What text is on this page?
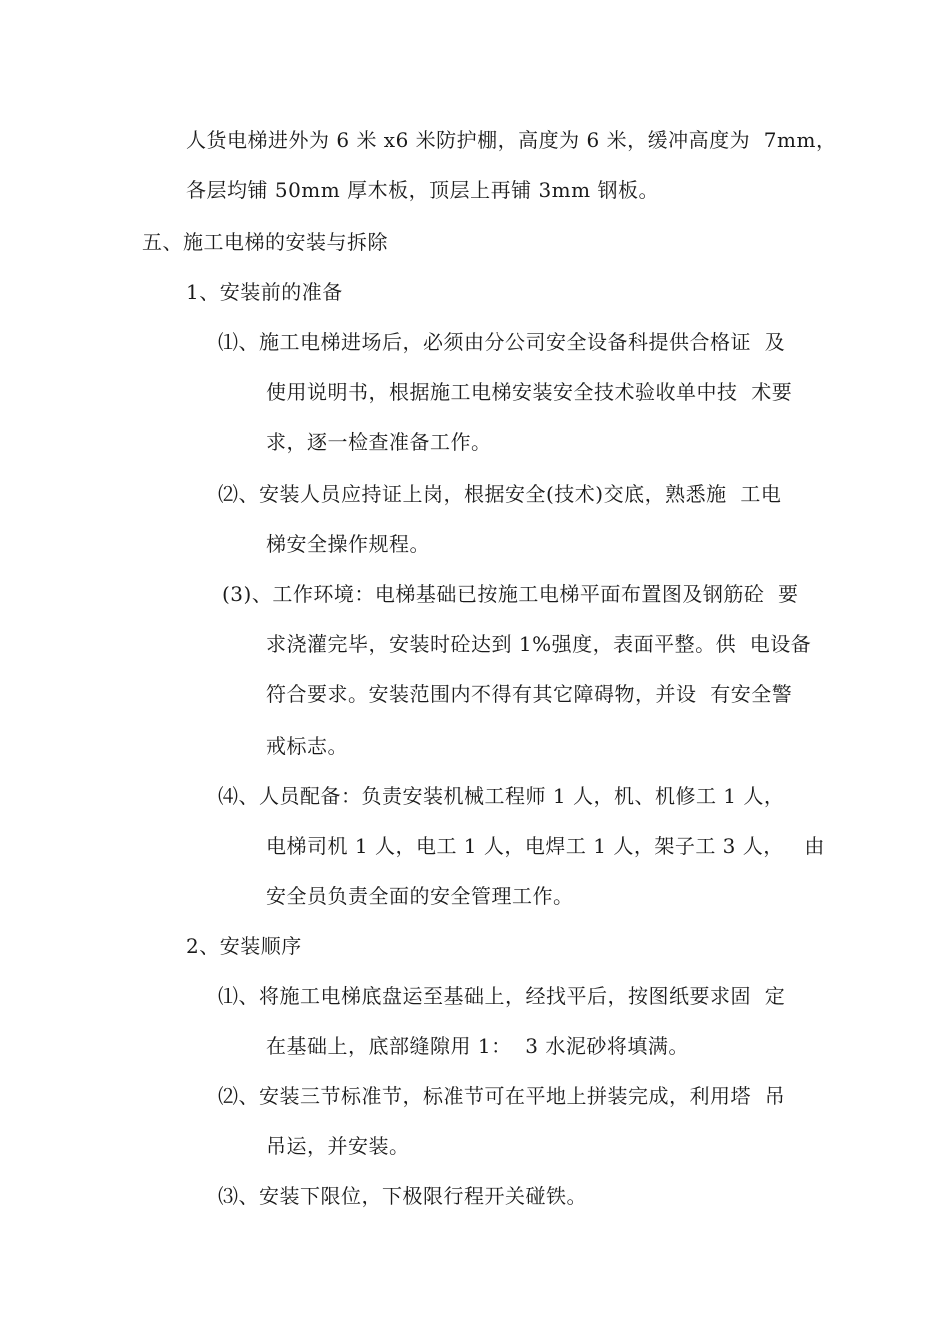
人货电梯进外为 6 米 x6 米防护棚，高度为 6 米，缓冲高度为  7mm，
各层均铺 50mm 厚木板，顶层上再铺 3mm 钢板。
五、施工电梯的安装与拆除
1、安装前的准备
⑴、施工电梯进场后，必须由分公司安全设备科提供合格证  及
使用说明书，根据施工电梯安装安全技术验收单中技  术要
求，逐一检查准备工作。
⑵、安装人员应持证上岗，根据安全(技术)交底，熟悉施  工电
梯安全操作规程。
(3)、工作环境：电梯基础已按施工电梯平面布置图及钢筋砼  要
求浇灌完毕，安装时砼达到 1%强度，表面平整。供  电设备
符合要求。安装范围内不得有其它障碍物，并设  有安全警
戒标志。
⑷、人员配备：负责安装机械工程师 1 人，机、机修工 1 人，
电梯司机 1 人，电工 1 人，电焊工 1 人，架子工 3 人，   由
安全员负责全面的安全管理工作。
2、安装顺序
⑴、将施工电梯底盘运至基础上，经找平后，按图纸要求固  定
在基础上，底部缝隙用 1：  3 水泥砂将填满。
⑵、安装三节标准节，标准节可在平地上拼装完成，利用塔  吊
吊运，并安装。
⑶、安装下限位，下极限行程开关碰铁。
